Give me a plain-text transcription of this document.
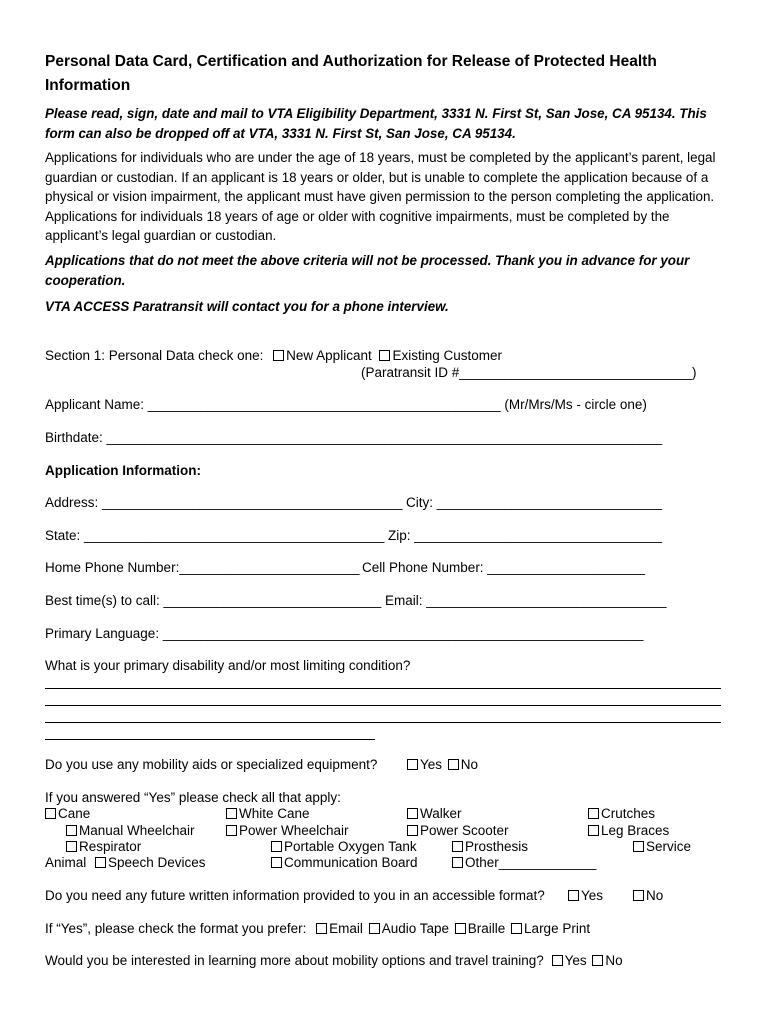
Personal Data Card, Certification and Authorization for Release of Protected Health Information
Please read, sign, date and mail to VTA Eligibility Department, 3331 N. First St, San Jose, CA 95134. This form can also be dropped off at VTA, 3331 N. First St, San Jose, CA 95134.
Applications for individuals who are under the age of 18 years, must be completed by the applicant’s parent, legal guardian or custodian. If an applicant is 18 years or older, but is unable to complete the application because of a physical or vision impairment, the applicant must have given permission to the person completing the application. Applications for individuals 18 years of age or older with cognitive impairments, must be completed by the applicant’s legal guardian or custodian.
Applications that do not meet the above criteria will not be processed. Thank you in advance for your cooperation.
VTA ACCESS Paratransit will contact you for a phone interview.
Section 1: Personal Data check one: New Applicant Existing Customer
(Paratransit ID #_______________________________)
Applicant Name: _______________________________________________ (Mr/Mrs/Ms - circle one)
Birthdate: __________________________________________________________________________
Application Information:
Address: ________________________________________ City: ______________________________
State: ________________________________________ Zip: _________________________________
Home Phone Number:________________________ Cell Phone Number: _____________________
Best time(s) to call: _____________________________ Email: ________________________________
Primary Language: ________________________________________________________________
What is your primary disability and/or most limiting condition?
Do you use any mobility aids or specialized equipment?	Yes No
If you answered “Yes” please check all that apply:
Cane	White Cane	Walker	Crutches
Manual Wheelchair	Power Wheelchair	Power Scooter	Leg Braces
Respirator	Portable Oxygen Tank	Prosthesis	Service
Animal	Speech Devices	Communication Board	Other_____________
Do you need any future written information provided to you in an accessible format?	Yes	No
If “Yes”, please check the format you prefer: Email Audio Tape Braille Large Print
Would you be interested in learning more about mobility options and travel training? Yes No
